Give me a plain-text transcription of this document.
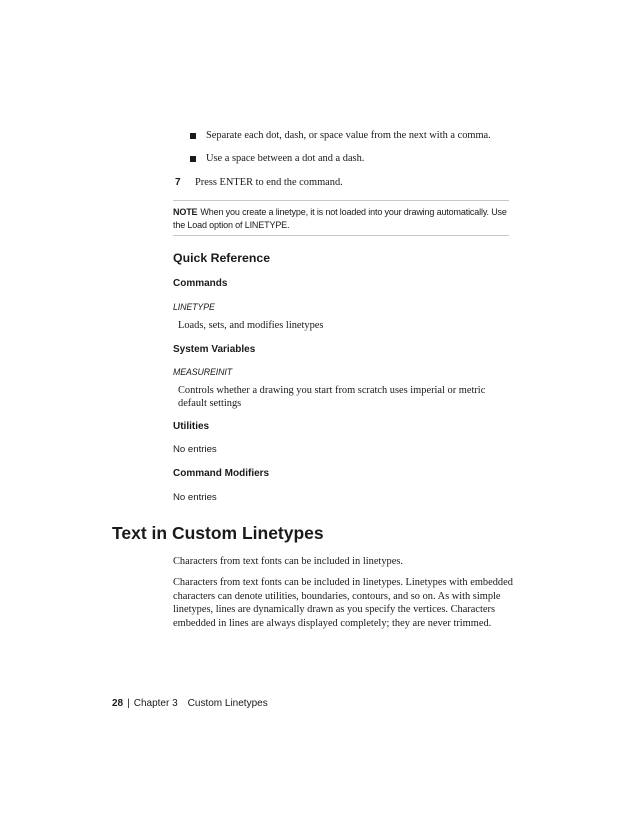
Separate each dot, dash, or space value from the next with a comma.
Use a space between a dot and a dash.
7 Press ENTER to end the command.
NOTE When you create a linetype, it is not loaded into your drawing automatically. Use the Load option of LINETYPE.
Quick Reference
Commands
LINETYPE
Loads, sets, and modifies linetypes
System Variables
MEASUREINIT
Controls whether a drawing you start from scratch uses imperial or metric default settings
Utilities
No entries
Command Modifiers
No entries
Text in Custom Linetypes
Characters from text fonts can be included in linetypes.
Characters from text fonts can be included in linetypes. Linetypes with embedded characters can denote utilities, boundaries, contours, and so on. As with simple linetypes, lines are dynamically drawn as you specify the vertices. Characters embedded in lines are always displayed completely; they are never trimmed.
28 | Chapter 3 Custom Linetypes
